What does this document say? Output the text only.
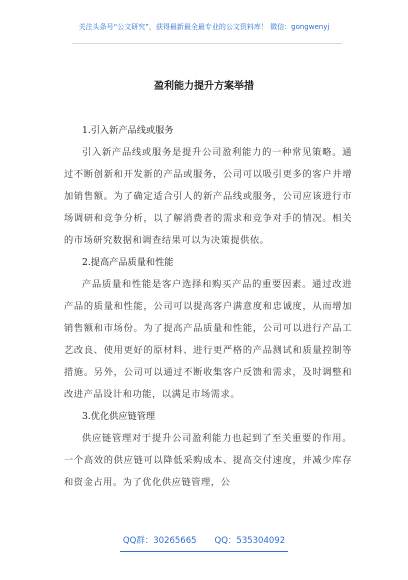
关注头条号“公文研究”，获得最新最全最专业的公文资料库！ 微信：gongwenyj
盈利能力提升方案举措

1.引入新产品线或服务

引入新产品线或服务是提升公司盈利能力的一种常见策略。通过不断创新和开发新的产品或服务，公司可以吸引更多的客户并增加销售额。为了确定适合引人的新产品线或服务，公司应该进行市场调研和竞争分析，以了解消费者的需求和竞争对手的情况。相关的市场研究数据和调查结果可以为决策提供依。

2.提高产品质量和性能

产品质量和性能是客户选择和购买产品的重要因素。通过改进产品的质量和性能，公司可以提高客户满意度和忠诚度，从而增加销售额和市场份。为了提高产品质量和性能，公司可以进行产品工艺改良、使用更好的原材料、进行更严格的产品测试和质量控制等措施。另外，公司可以通过不断收集客户反馈和需求，及时调整和改进产品设计和功能，以满足市场需求。

3.优化供应链管理

供应链管理对于提升公司盈利能力也起到了至关重要的作用。一个高效的供应链可以降低采购成本、提高交付速度，并减少库存和资金占用。为了优化供应链管理，公

QQ群：30265665 QQ：535304092
